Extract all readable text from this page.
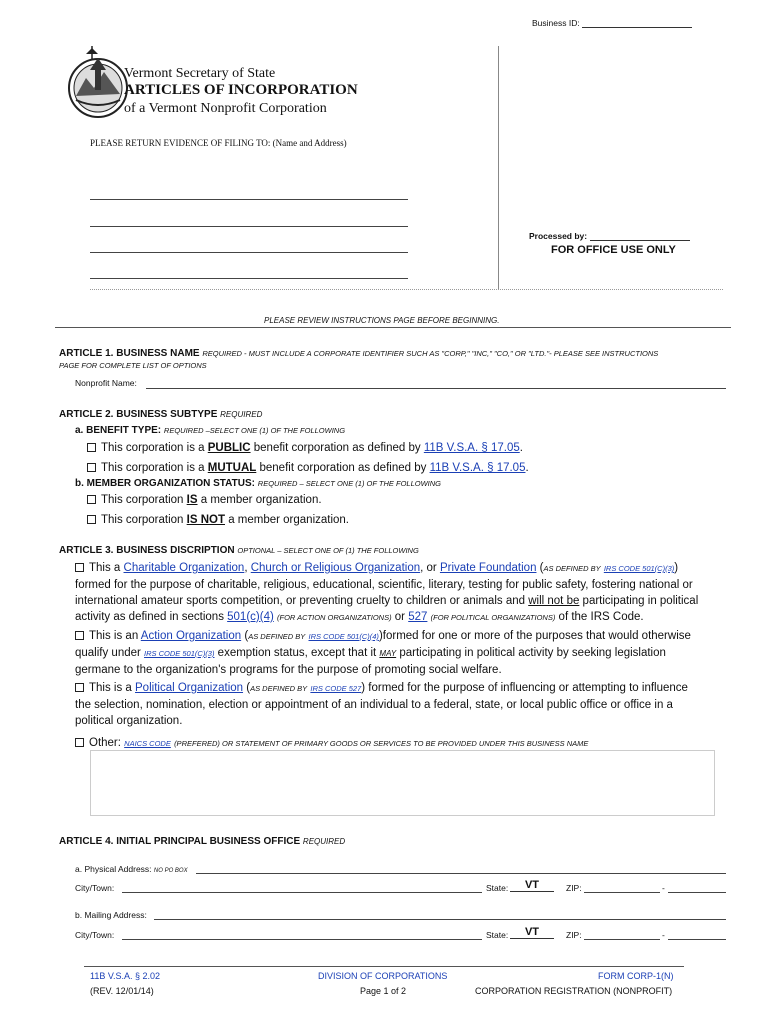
Business ID:
Vermont Secretary of State
ARTICLES OF INCORPORATION
of a Vermont Nonprofit Corporation
PLEASE RETURN EVIDENCE OF FILING TO: (Name and Address)
Processed by:
FOR OFFICE USE ONLY
PLEASE REVIEW INSTRUCTIONS PAGE BEFORE BEGINNING.
ARTICLE 1. BUSINESS NAME REQUIRED - MUST INCLUDE A CORPORATE IDENTIFIER SUCH AS "CORP," "INC," "CO," OR "LTD."- PLEASE SEE INSTRUCTIONS
PAGE FOR COMPLETE LIST OF OPTIONS
Nonprofit Name:
ARTICLE 2. BUSINESS SUBTYPE REQUIRED
a. BENEFIT TYPE: REQUIRED –SELECT ONE (1) OF THE FOLLOWING
This corporation is a PUBLIC benefit corporation as defined by 11B V.S.A. § 17.05.
This corporation is a MUTUAL benefit corporation as defined by 11B V.S.A. § 17.05.
b. MEMBER ORGANIZATION STATUS: REQUIRED – SELECT ONE (1) OF THE FOLLOWING
This corporation IS a member organization.
This corporation IS NOT a member organization.
ARTICLE 3. BUSINESS DISCRIPTION OPTIONAL – SELECT ONE OF (1) THE FOLLOWING
This a Charitable Organization, Church or Religious Organization, or Private Foundation (AS DEFINED BY IRS CODE 501(C)(3))
formed for the purpose of charitable, religious, educational, scientific, literary, testing for public safety, fostering national or
international amateur sports competition, or preventing cruelty to children or animals and will not be participating in political
activity as defined in sections 501(c)(4) (FOR ACTION ORGANIZATIONS) or 527 (FOR POLITICAL ORGANIZATIONS) of the IRS Code.
This is an Action Organization (AS DEFINED BY IRS CODE 501(C)(4))formed for one or more of the purposes that would otherwise
qualify under IRS CODE 501(C)(3) exemption status, except that it MAY participating in political activity by seeking legislation
germane to the organization's programs for the purpose of promoting social welfare.
This is a Political Organization (AS DEFINED BY IRS CODE 527) formed for the purpose of influencing or attempting to influence
the selection, nomination, election or appointment of an individual to a federal, state, or local public office or office in a
political organization.
Other: NAICS CODE (PREFERED) OR STATEMENT OF PRIMARY GOODS OR SERVICES TO BE PROVIDED UNDER THIS BUSINESS NAME
ARTICLE 4. INITIAL PRINCIPAL BUSINESS OFFICE REQUIRED
a. Physical Address: NO PO BOX
City/Town:	State:	VT	ZIP:	-
b. Mailing Address:
City/Town:	State:	VT	ZIP:	-
11B V.S.A. § 2.02
(REV. 12/01/14)
DIVISION OF CORPORATIONS
Page 1 of 2
FORM CORP-1(N)
CORPORATION REGISTRATION (NONPROFIT)
